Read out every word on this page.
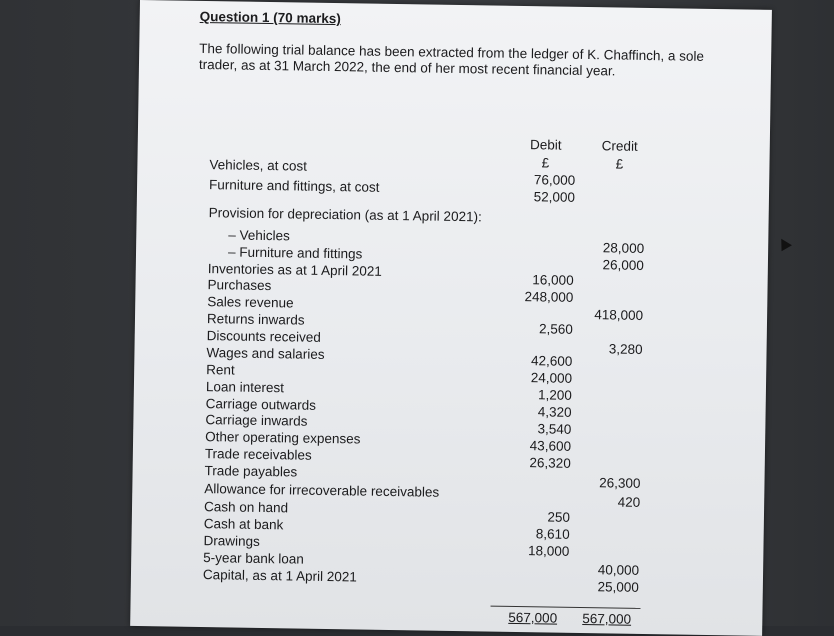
Question 1 (70 marks)
The following trial balance has been extracted from the ledger of K. Chaffinch, a sole trader, as at 31 March 2022, the end of her most recent financial year.
Debit
£
Credit
£
Vehicles, at cost
Furniture and fittings, at cost
Provision for depreciation (as at 1 April 2021):
– Vehicles
– Furniture and fittings
Inventories as at 1 April 2021
Purchases
Sales revenue
Returns inwards
Discounts received
Wages and salaries
Rent
Loan interest
Carriage outwards
Carriage inwards
Other operating expenses
Trade receivables
Trade payables
Allowance for irrecoverable receivables
Cash on hand
Cash at bank
Drawings
5-year bank loan
Capital, as at 1 April 2021
76,000
52,000
16,000
248,000
2,560
42,600
24,000
1,200
4,320
3,540
43,600
26,320
250
8,610
18,000
28,000
26,000
418,000
3,280
26,300
420
40,000
25,000
567,000 567,000
